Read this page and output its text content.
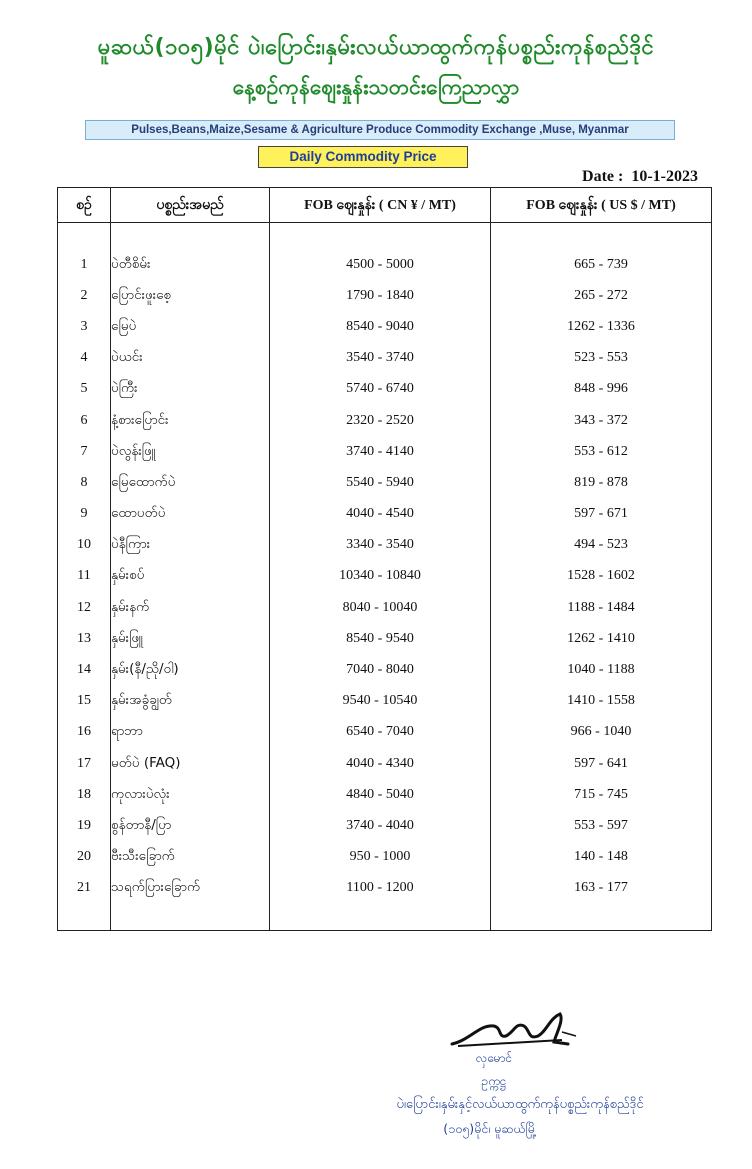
မူဆယ်(၁၀၅)မိုင် ပဲ၊ပြောင်း၊နှမ်းလယ်ယာထွက်ကုန်ပစ္စည်းကုန်စည်ဒိုင်
နေ့စဉ်ကုန်ဈေးနှုန်းသတင်းကြေညာလွှာ
Pulses,Beans,Maize,Sesame & Agriculture Produce Commodity Exchange ,Muse, Myanmar
Daily Commodity Price
Date : 10-1-2023
စဉ်	ပစ္စည်းအမည်	FOB ဈေးနှုန်း ( CN ¥ / MT)	FOB ဈေးနှုန်း ( US $ / MT)

1	ပဲတီစိမ်း	4500 - 5000	665 - 739
2	ပြောင်းဖူးစေ့	1790 - 1840	265 - 272
3	မြေပဲ	8540 - 9040	1262 - 1336
4	ပဲယင်း	3540 - 3740	523 - 553
5	ပဲကြီး	5740 - 6740	848 - 996
6	နံ့စားပြောင်း	2320 - 2520	343 - 372
7	ပဲလွန်းဖြူ	3740 - 4140	553 - 612
8	မြေထောက်ပဲ	5540 - 5940	819 - 878
9	ထောပတ်ပဲ	4040 - 4540	597 - 671
10	ပဲနီကြား	3340 - 3540	494 - 523
11	နှမ်းစပ်	10340 - 10840	1528 - 1602
12	နှမ်းနက်	8040 - 10040	1188 - 1484
13	နှမ်းဖြူ	8540 - 9540	1262 - 1410
14	နှမ်း(နီ/ညို/ဝါ)	7040 - 8040	1040 - 1188
15	နှမ်းအခွံချွတ်	9540 - 10540	1410 - 1558
16	ရာဘာ	6540 - 7040	966 - 1040
17	မတ်ပဲ (FAQ)	4040 - 4340	597 - 641
18	ကုလားပဲလုံး	4840 - 5040	715 - 745
19	စွန်တာနီ/ပြာ	3740 - 4040	553 - 597
20	ဗီးသီးခြောက်	950 - 1000	140 - 148
21	သရက်ပြားခြောက်	1100 - 1200	163 - 177

လှမောင်
ဥက္ကဋ္ဌ
ပဲ၊ပြောင်း၊နှမ်းနှင့်လယ်ယာထွက်ကုန်ပစ္စည်းကုန်စည်ဒိုင်
(၁၀၅)မိုင်၊ မူဆယ်မြို့
